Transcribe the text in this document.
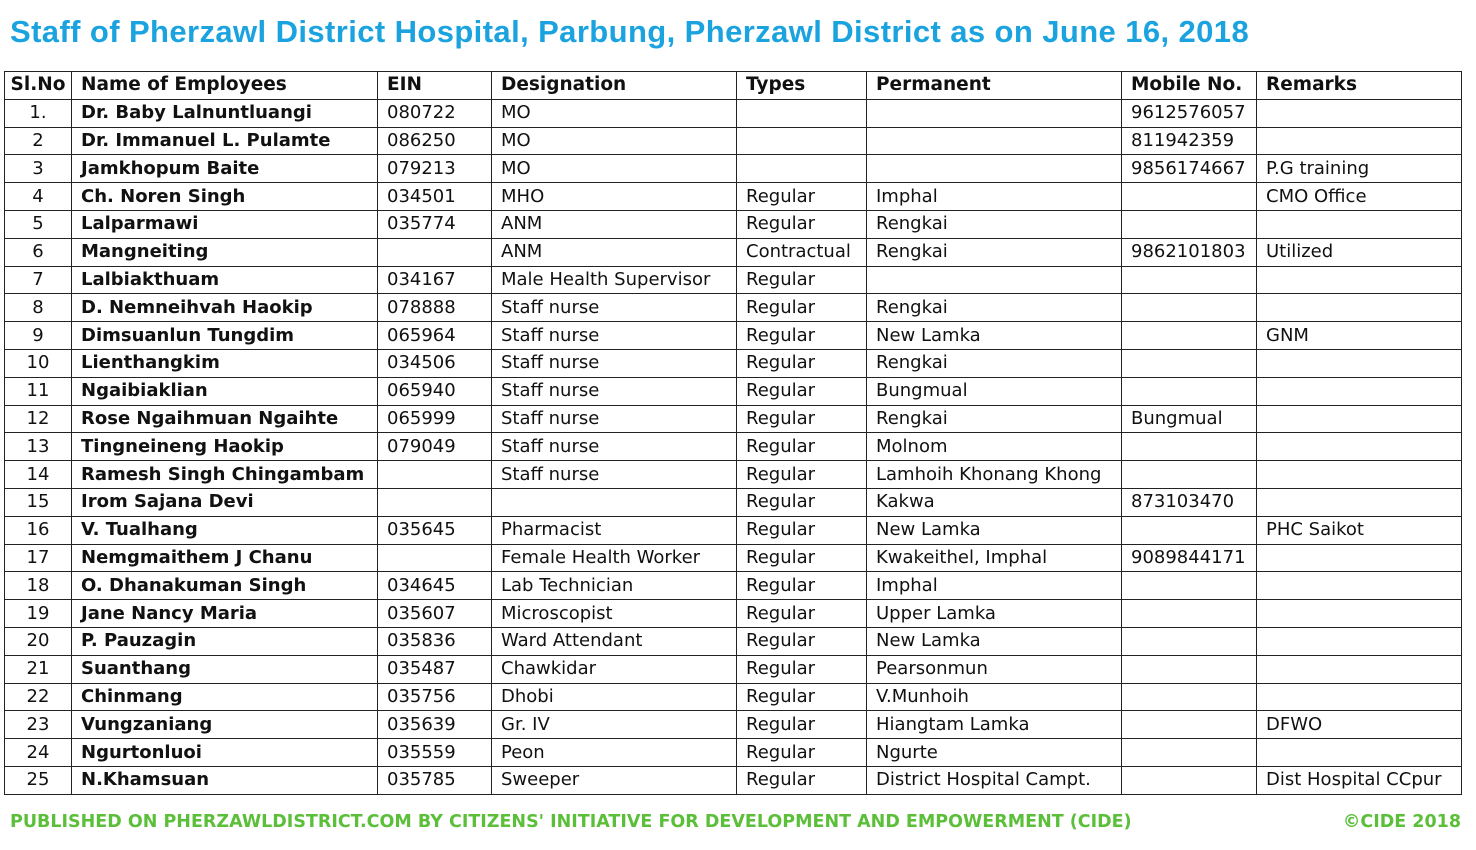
Staff of Pherzawl District Hospital, Parbung, Pherzawl District as on June 16, 2018
Sl.No	Name of Employees	EIN	Designation	Types	Permanent	Mobile No.	Remarks
1.	Dr. Baby Lalnuntluangi	080722	MO			9612576057	
2	Dr. Immanuel L. Pulamte	086250	MO			811942359	
3	Jamkhopum Baite	079213	MO			9856174667	P.G training
4	Ch. Noren Singh	034501	MHO	Regular	Imphal		CMO Office
5	Lalparmawi	035774	ANM	Regular	Rengkai		
6	Mangneiting		ANM	Contractual	Rengkai	9862101803	Utilized
7	Lalbiakthuam	034167	Male Health Supervisor	Regular			
8	D. Nemneihvah Haokip	078888	Staff nurse	Regular	Rengkai		
9	Dimsuanlun Tungdim	065964	Staff nurse	Regular	New Lamka		GNM
10	Lienthangkim	034506	Staff nurse	Regular	Rengkai		
11	Ngaibiaklian	065940	Staff nurse	Regular	Bungmual		
12	Rose Ngaihmuan Ngaihte	065999	Staff nurse	Regular	Rengkai	Bungmual	
13	Tingneineng Haokip	079049	Staff nurse	Regular	Molnom		
14	Ramesh Singh Chingambam		Staff nurse	Regular	Lamhoih Khonang Khong		
15	Irom Sajana Devi			Regular	Kakwa	873103470	
16	V. Tualhang	035645	Pharmacist	Regular	New Lamka		PHC Saikot
17	Nemgmaithem J Chanu		Female Health Worker	Regular	Kwakeithel, Imphal	9089844171	
18	O. Dhanakuman Singh	034645	Lab Technician	Regular	Imphal		
19	Jane Nancy Maria	035607	Microscopist	Regular	Upper Lamka		
20	P. Pauzagin	035836	Ward Attendant	Regular	New Lamka		
21	Suanthang	035487	Chawkidar	Regular	Pearsonmun		
22	Chinmang	035756	Dhobi	Regular	V.Munhoih		
23	Vungzaniang	035639	Gr. IV	Regular	Hiangtam Lamka		DFWO
24	Ngurtonluoi	035559	Peon	Regular	Ngurte		
25	N.Khamsuan	035785	Sweeper	Regular	District Hospital Campt.		Dist Hospital CCpur
PUBLISHED ON PHERZAWLDISTRICT.COM BY CITIZENS' INITIATIVE FOR DEVELOPMENT AND EMPOWERMENT (CIDE)	©CIDE 2018
